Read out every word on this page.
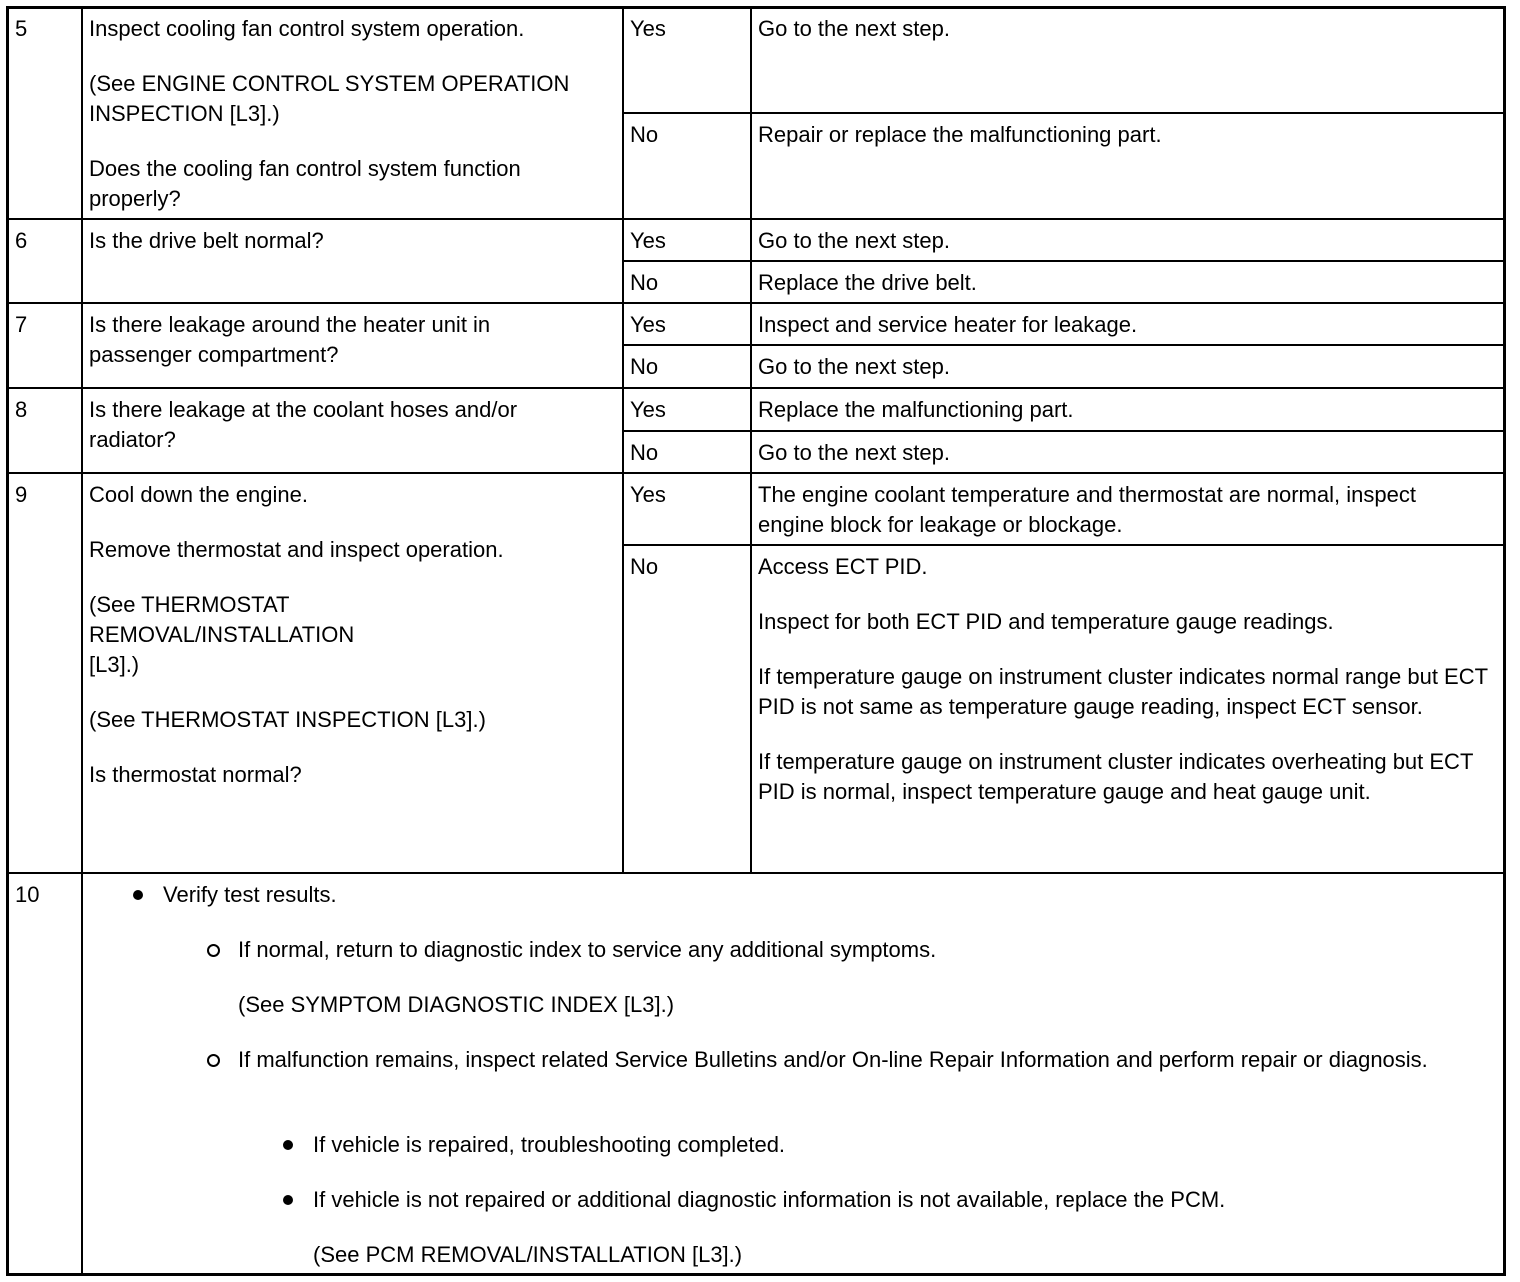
5	Inspect cooling fan control system operation.
(See ENGINE CONTROL SYSTEM OPERATION INSPECTION [L3].)
Does the cooling fan control system function properly?
Yes	Go to the next step.
No	Repair or replace the malfunctioning part.
6	Is the drive belt normal?	Yes	Go to the next step.
No	Replace the drive belt.
7	Is there leakage around the heater unit in passenger compartment?
Yes	Inspect and service heater for leakage.
No	Go to the next step.
8	Is there leakage at the coolant hoses and/or radiator?
Yes	Replace the malfunctioning part.
No	Go to the next step.
9	Cool down the engine.
Remove thermostat and inspect operation.
(See THERMOSTAT REMOVAL/INSTALLATION [L3].)
(See THERMOSTAT INSPECTION [L3].)
Is thermostat normal?
Yes	The engine coolant temperature and thermostat are normal, inspect engine block for leakage or blockage.
No	Access ECT PID.
Inspect for both ECT PID and temperature gauge readings.
If temperature gauge on instrument cluster indicates normal range but ECT PID is not same as temperature gauge reading, inspect ECT sensor.
If temperature gauge on instrument cluster indicates overheating but ECT PID is normal, inspect temperature gauge and heat gauge unit.
10	Verify test results.
If normal, return to diagnostic index to service any additional symptoms.
(See SYMPTOM DIAGNOSTIC INDEX [L3].)
If malfunction remains, inspect related Service Bulletins and/or On-line Repair Information and perform repair or diagnosis.
If vehicle is repaired, troubleshooting completed.
If vehicle is not repaired or additional diagnostic information is not available, replace the PCM.
(See PCM REMOVAL/INSTALLATION [L3].)
